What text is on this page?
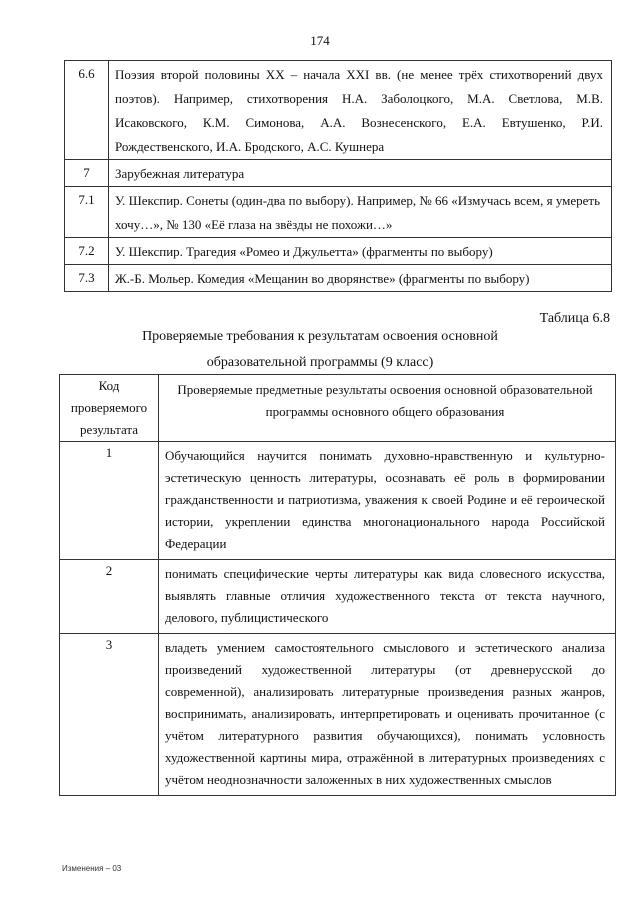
174
6.6	Поэзия второй половины XX – начала XXI вв. (не менее трёх стихотворений двух поэтов). Например, стихотворения Н.А. Заболоцкого, М.А. Светлова, М.В. Исаковского, К.М. Симонова, А.А. Вознесенского, Е.А. Евтушенко, Р.И. Рождественского, И.А. Бродского, А.С. Кушнера
7	Зарубежная литература
7.1	У. Шекспир. Сонеты (один-два по выбору). Например, № 66 «Измучась всем, я умереть хочу…», № 130 «Её глаза на звёзды не похожи…»
7.2	У. Шекспир. Трагедия «Ромео и Джульетта» (фрагменты по выбору)
7.3	Ж.-Б. Мольер. Комедия «Мещанин во дворянстве» (фрагменты по выбору)
Таблица 6.8
Проверяемые требования к результатам освоения основной
образовательной программы (9 класс)
Код проверяемого результата	Проверяемые предметные результаты освоения основной образовательной программы основного общего образования
1	Обучающийся научится понимать духовно-нравственную и культурно-эстетическую ценность литературы, осознавать её роль в формировании гражданственности и патриотизма, уважения к своей Родине и её героической истории, укреплении единства многонационального народа Российской Федерации
2	понимать специфические черты литературы как вида словесного искусства, выявлять главные отличия художественного текста от текста научного, делового, публицистического
3	владеть умением самостоятельного смыслового и эстетического анализа произведений художественной литературы (от древнерусской до современной), анализировать литературные произведения разных жанров, воспринимать, анализировать, интерпретировать и оценивать прочитанное (с учётом литературного развития обучающихся), понимать условность художественной картины мира, отражённой в литературных произведениях с учётом неоднозначности заложенных в них художественных смыслов
Изменения – 03
